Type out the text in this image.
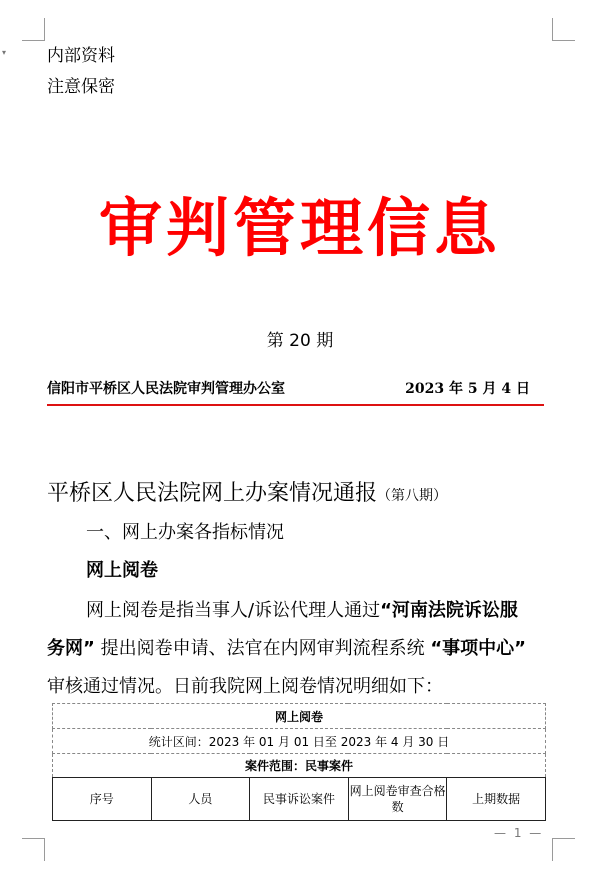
▾ 内部资料
注意保密
审判管理信息
第 20 期
信阳市平桥区人民法院审判管理办公室	2023 年 5 月 4 日
平桥区人民法院网上办案情况通报（第八期）
一、网上办案各指标情况
网上阅卷
网上阅卷是指当事人/诉讼代理人通过“河南法院诉讼服
务网” 提出阅卷申请、法官在内网审判流程系统 “事项中心”
审核通过情况。日前我院网上阅卷情况明细如下：
网上阅卷
统计区间：2023 年 01 月 01 日至 2023 年 4 月 30 日
案件范围：民事案件
序号	人员	民事诉讼案件	网上阅卷审查合格数	上期数据
— 1 —
